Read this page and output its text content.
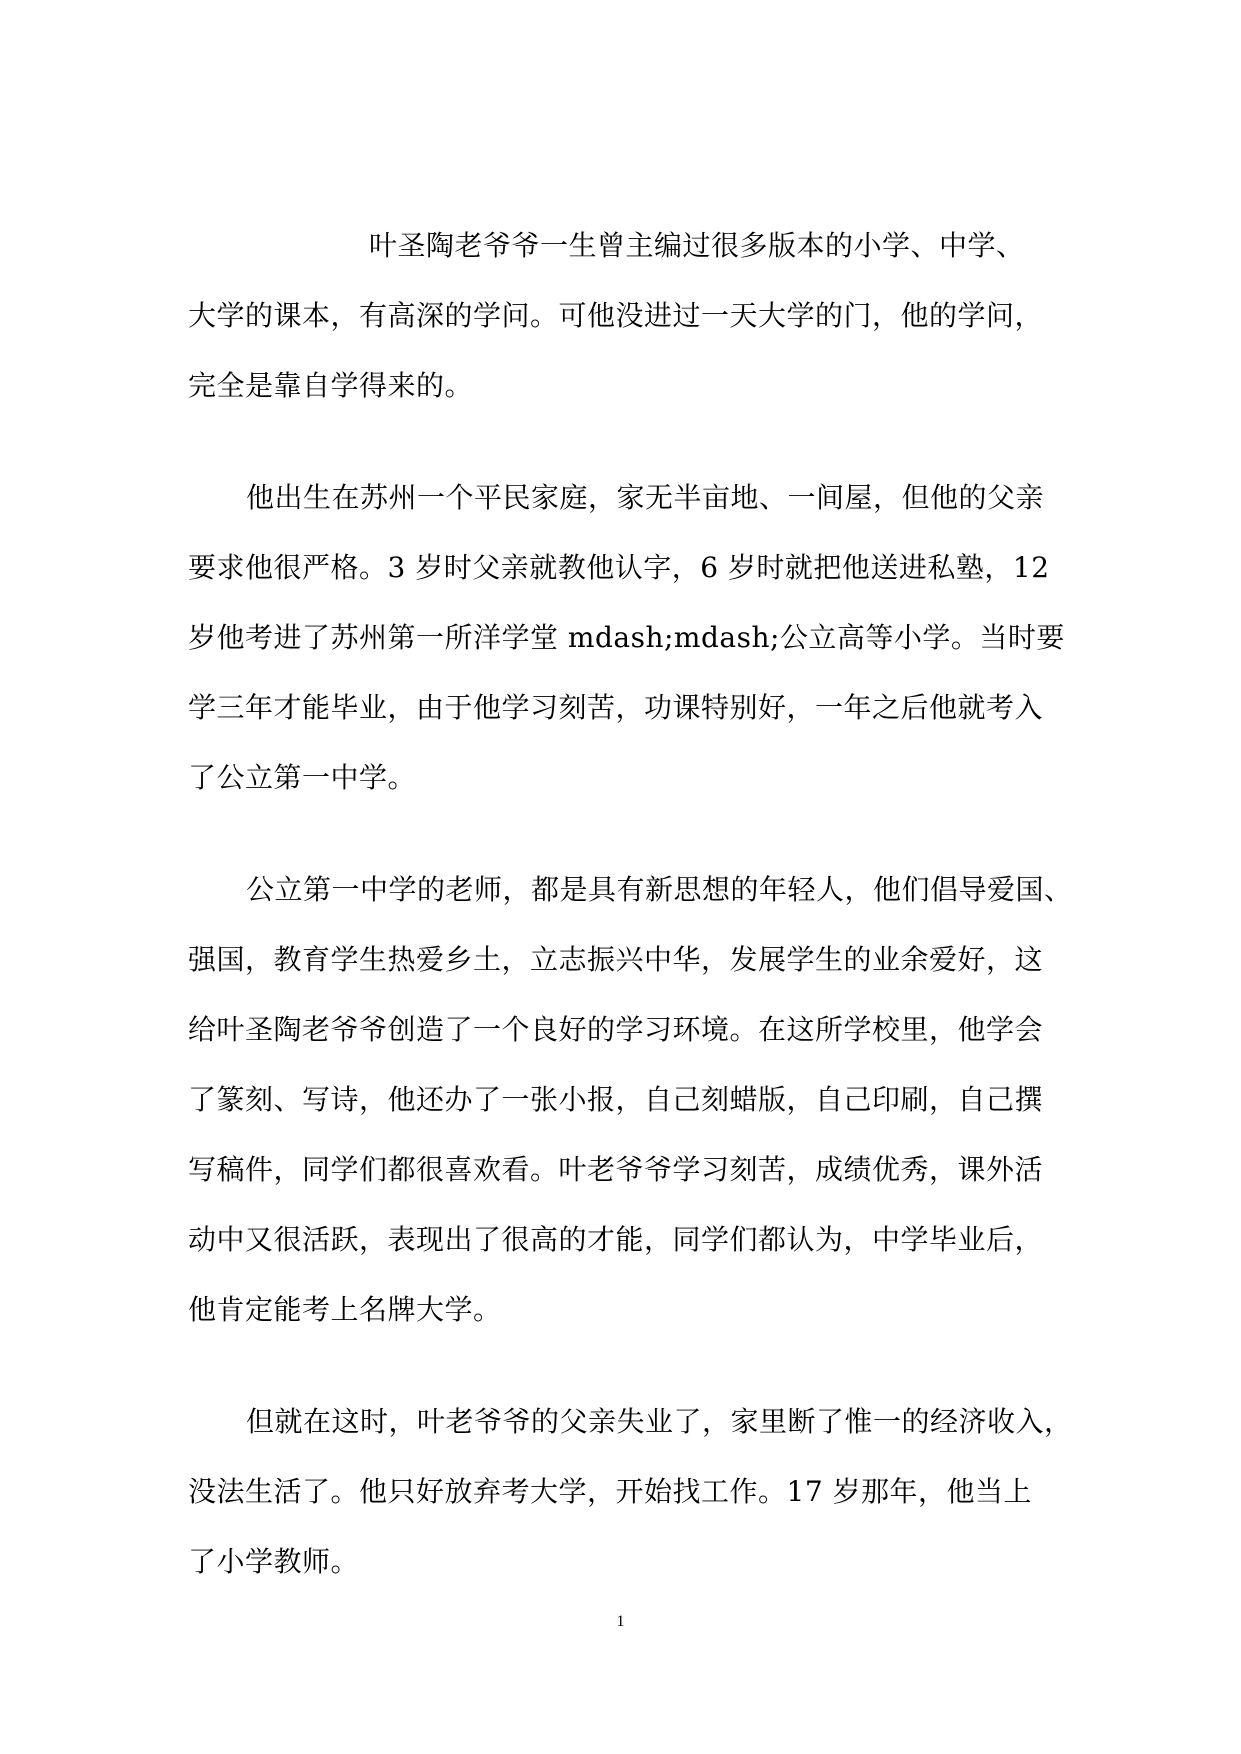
叶圣陶老爷爷一生曾主编过很多版本的小学、中学、
大学的课本，有高深的学问。可他没进过一天大学的门，他的学问，
完全是靠自学得来的。
他出生在苏州一个平民家庭，家无半亩地、一间屋，但他的父亲
要求他很严格。3 岁时父亲就教他认字，6 岁时就把他送进私塾，12
岁他考进了苏州第一所洋学堂 mdash;mdash;公立高等小学。当时要
学三年才能毕业，由于他学习刻苦，功课特别好，一年之后他就考入
了公立第一中学。
公立第一中学的老师，都是具有新思想的年轻人，他们倡导爱国、
强国，教育学生热爱乡土，立志振兴中华，发展学生的业余爱好，这
给叶圣陶老爷爷创造了一个良好的学习环境。在这所学校里，他学会
了篆刻、写诗，他还办了一张小报，自己刻蜡版，自己印刷，自己撰
写稿件，同学们都很喜欢看。叶老爷爷学习刻苦，成绩优秀，课外活
动中又很活跃，表现出了很高的才能，同学们都认为，中学毕业后，
他肯定能考上名牌大学。
但就在这时，叶老爷爷的父亲失业了，家里断了惟一的经济收入，
没法生活了。他只好放弃考大学，开始找工作。17 岁那年，他当上
了小学教师。
1
